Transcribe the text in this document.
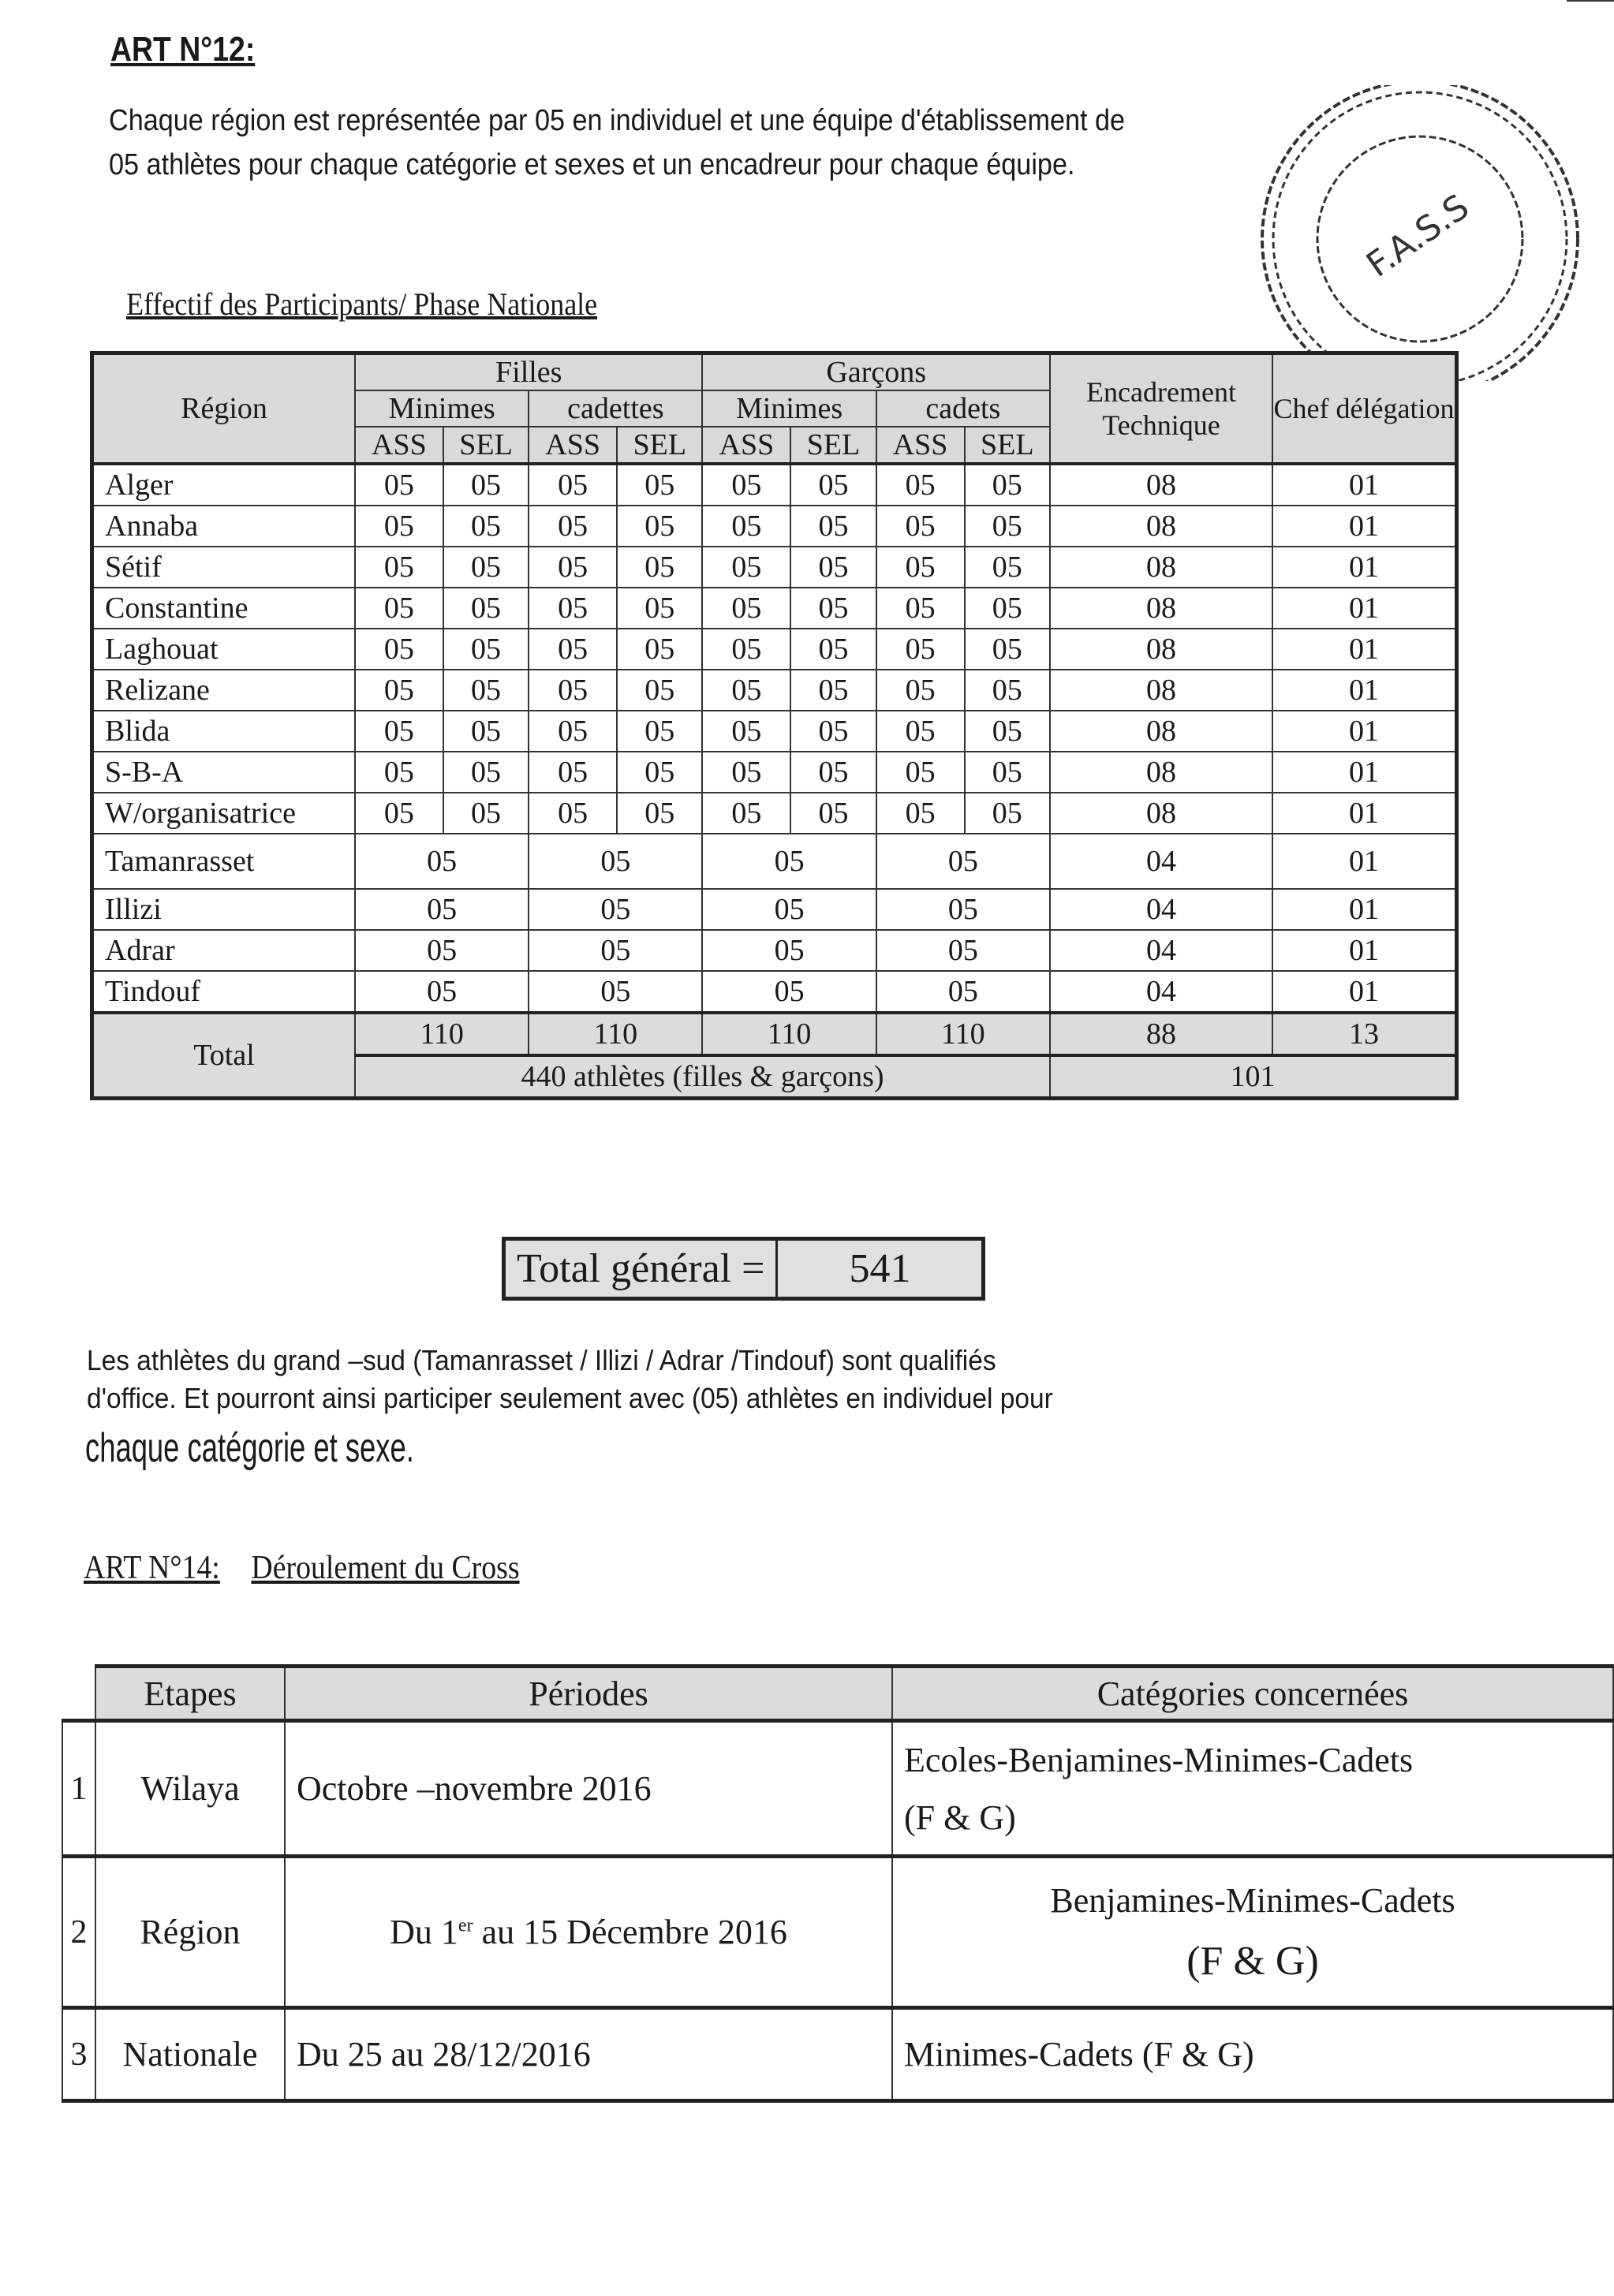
ART N°12:
Chaque région est représentée par 05 en individuel et une équipe d'établissement de
05 athlètes pour chaque catégorie et sexes et un encadreur pour chaque équipe.
F.A.S.S
Effectif des Participants/ Phase Nationale
Région	Filles				Garçons				Encadrement Technique	Chef délégation
	Minimes		cadettes		Minimes		cadets			
	ASS	SEL	ASS	SEL	ASS	SEL	ASS	SEL		
Alger	05	05	05	05	05	05	05	05	08	01
Annaba	05	05	05	05	05	05	05	05	08	01
Sétif	05	05	05	05	05	05	05	05	08	01
Constantine	05	05	05	05	05	05	05	05	08	01
Laghouat	05	05	05	05	05	05	05	05	08	01
Relizane	05	05	05	05	05	05	05	05	08	01
Blida	05	05	05	05	05	05	05	05	08	01
S-B-A	05	05	05	05	05	05	05	05	08	01
W/organisatrice	05	05	05	05	05	05	05	05	08	01
Tamanrasset	05		05		05		05		04	01
Illizi	05		05		05		05		04	01
Adrar	05		05		05		05		04	01
Tindouf	05		05		05		05		04	01
Total	110		110		110		110		88	13
	440 athlètes (filles & garçons)								101	
Total général =	541
Les athlètes du grand –sud (Tamanrasset / Illizi / Adrar /Tindouf) sont qualifiés
d'office. Et pourront ainsi participer seulement avec (05) athlètes en individuel pour
chaque catégorie et sexe.
ART N°14: Déroulement du Cross
	Etapes	Périodes	Catégories concernées
1	Wilaya	Octobre –novembre 2016	Ecoles-Benjamines-Minimes-Cadets
(F & G)

2	Région	Du 1er au 15 Décembre 2016	Benjamines-Minimes-Cadets
(F & G)

3	Nationale	Du 25 au 28/12/2016	Minimes-Cadets (F & G)
